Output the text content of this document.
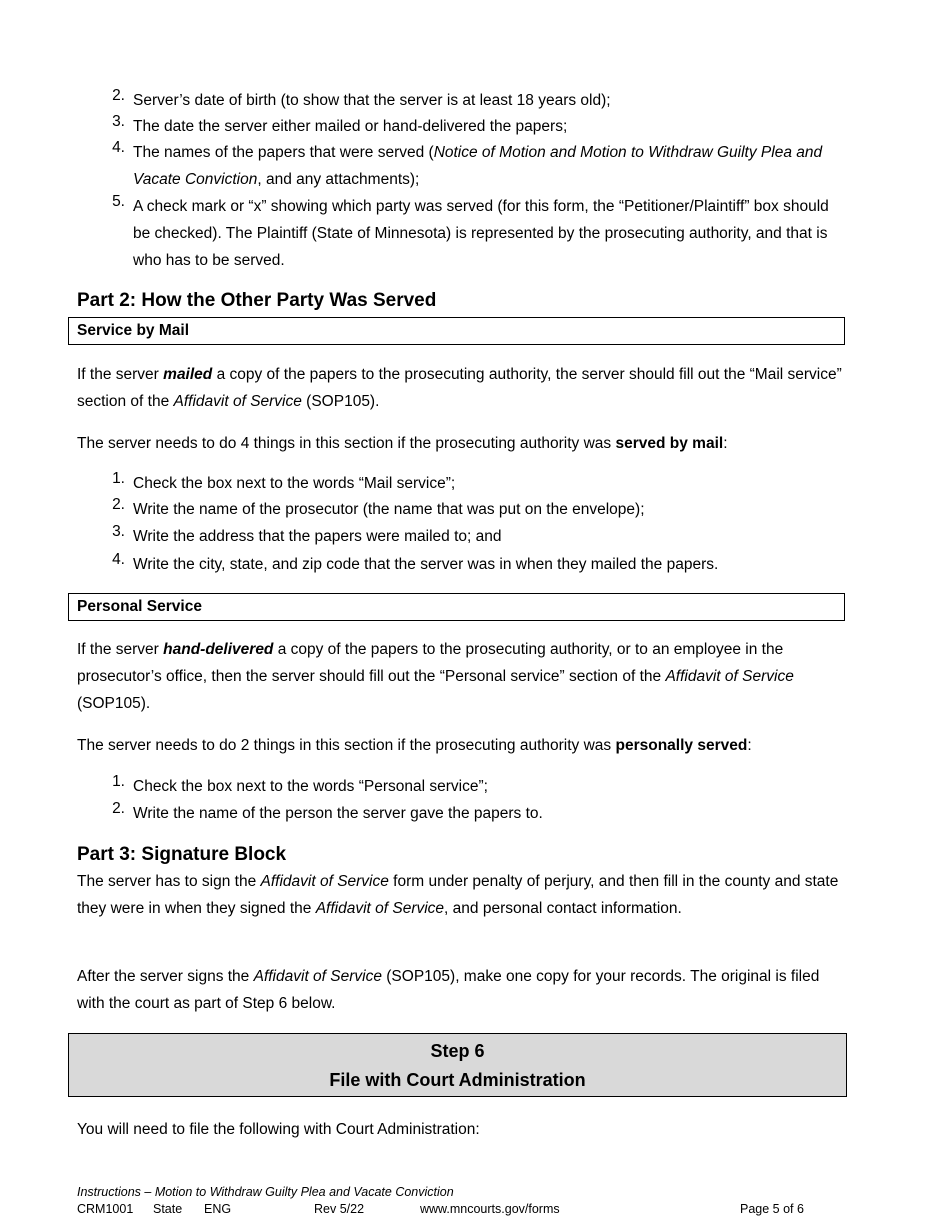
2. Server’s date of birth (to show that the server is at least 18 years old);
3. The date the server either mailed or hand-delivered the papers;
4. The names of the papers that were served (Notice of Motion and Motion to Withdraw Guilty Plea and Vacate Conviction, and any attachments);
5. A check mark or “x” showing which party was served (for this form, the “Petitioner/Plaintiff” box should be checked). The Plaintiff (State of Minnesota) is represented by the prosecuting authority, and that is who has to be served.
Part 2: How the Other Party Was Served
Service by Mail
If the server mailed a copy of the papers to the prosecuting authority, the server should fill out the “Mail service” section of the Affidavit of Service (SOP105).
The server needs to do 4 things in this section if the prosecuting authority was served by mail:
1. Check the box next to the words “Mail service”;
2. Write the name of the prosecutor (the name that was put on the envelope);
3. Write the address that the papers were mailed to; and
4. Write the city, state, and zip code that the server was in when they mailed the papers.
Personal Service
If the server hand-delivered a copy of the papers to the prosecuting authority, or to an employee in the prosecutor’s office, then the server should fill out the “Personal service” section of the Affidavit of Service (SOP105).
The server needs to do 2 things in this section if the prosecuting authority was personally served:
1. Check the box next to the words “Personal service”;
2. Write the name of the person the server gave the papers to.
Part 3: Signature Block
The server has to sign the Affidavit of Service form under penalty of perjury, and then fill in the county and state they were in when they signed the Affidavit of Service, and personal contact information.
After the server signs the Affidavit of Service (SOP105), make one copy for your records. The original is filed with the court as part of Step 6 below.
Step 6
File with Court Administration
You will need to file the following with Court Administration:
Instructions – Motion to Withdraw Guilty Plea and Vacate Conviction
CRM1001 State ENG	Rev 5/22	www.mncourts.gov/forms	Page 5 of 6
